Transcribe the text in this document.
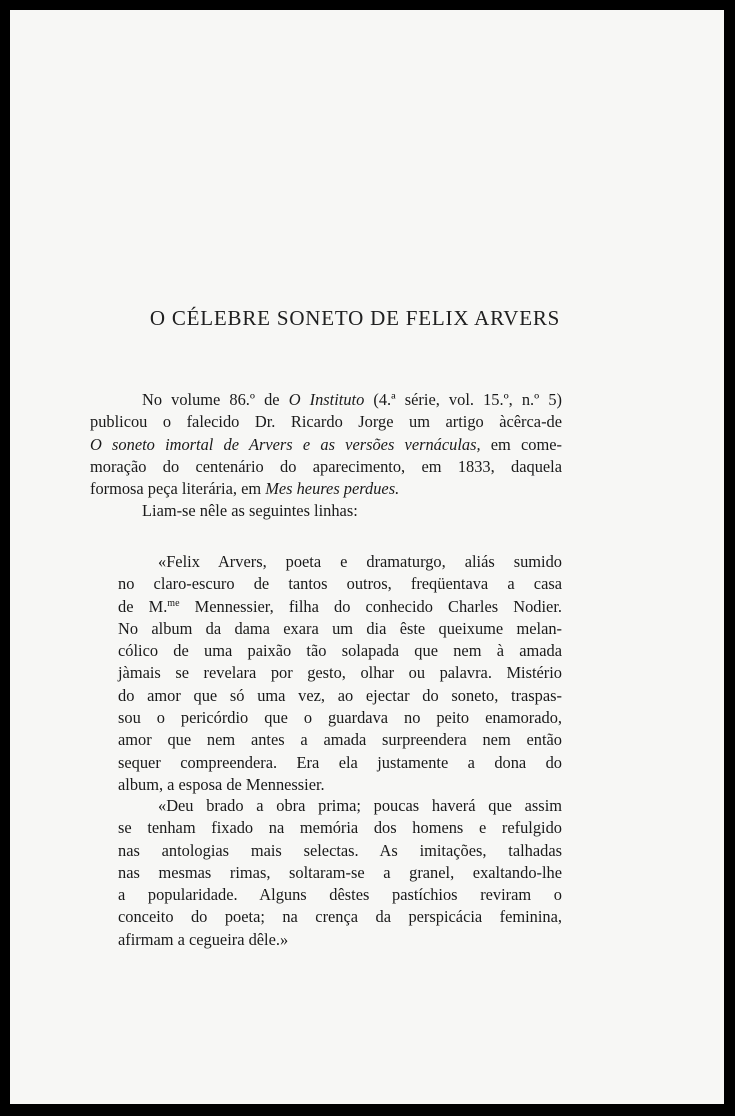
O CÉLEBRE SONETO DE FELIX ARVERS
No volume 86.º de O Instituto (4.ª série, vol. 15.º, n.º 5)
publicou o falecido Dr. Ricardo Jorge um artigo àcêrca-de
O soneto imortal de Arvers e as versões vernáculas, em come-
moração do centenário do aparecimento, em 1833, daquela
formosa peça literária, em Mes heures perdues.
Liam-se nêle as seguintes linhas:
«Felix Arvers, poeta e dramaturgo, aliás sumido
no claro-escuro de tantos outros, freqüentava a casa
de M.$^{me}$ Mennessier, filha do conhecido Charles Nodier.
No album da dama exara um dia êste queixume melan-
cólico de uma paixão tão solapada que nem à amada
jàmais se revelara por gesto, olhar ou palavra. Mistério
do amor que só uma vez, ao ejectar do soneto, traspas-
sou o pericórdio que o guardava no peito enamorado,
amor que nem antes a amada surpreendera nem então
sequer compreendera. Era ela justamente a dona do
album, a esposa de Mennessier.
«Deu brado a obra prima; poucas haverá que assim
se tenham fixado na memória dos homens e refulgido
nas antologias mais selectas. As imitações, talhadas
nas mesmas rimas, soltaram-se a granel, exaltando-lhe
a popularidade. Alguns dêstes pastíchios reviram o
conceito do poeta; na crença da perspicácia feminina,
afirmam a cegueira dêle.»
